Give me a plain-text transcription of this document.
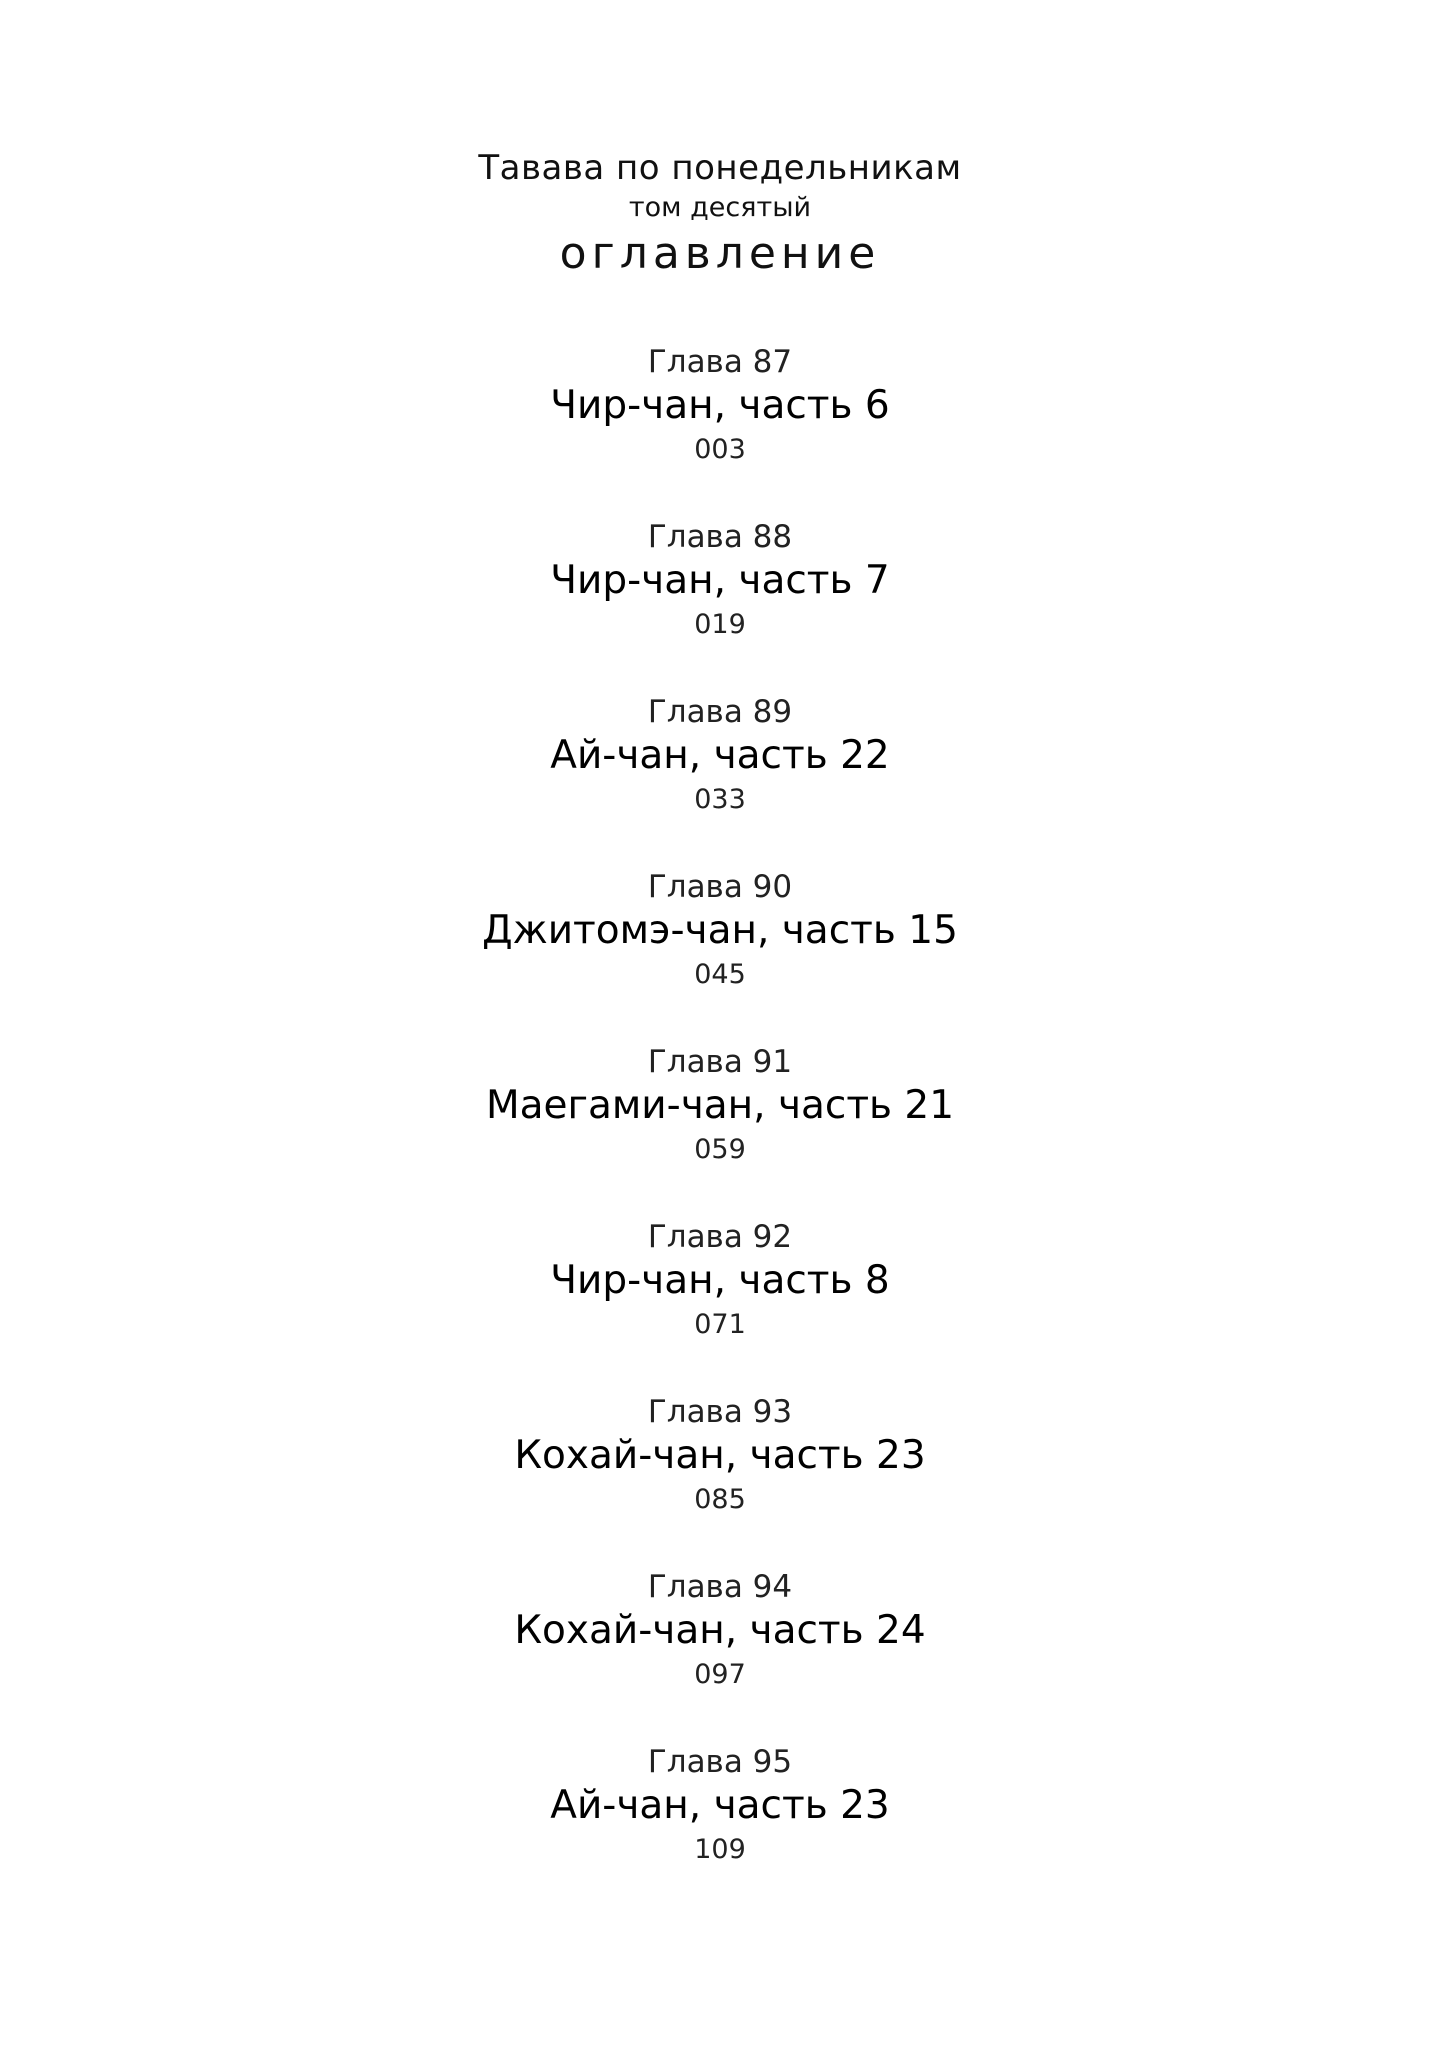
Тавава по понедельникам
том десятый
оглавление
Глава 87
Чир-чан, часть 6
003
Глава 88
Чир-чан, часть 7
019
Глава 89
Ай-чан, часть 22
033
Глава 90
Джитомэ-чан, часть 15
045
Глава 91
Маегами-чан, часть 21
059
Глава 92
Чир-чан, часть 8
071
Глава 93
Кохай-чан, часть 23
085
Глава 94
Кохай-чан, часть 24
097
Глава 95
Ай-чан, часть 23
109
